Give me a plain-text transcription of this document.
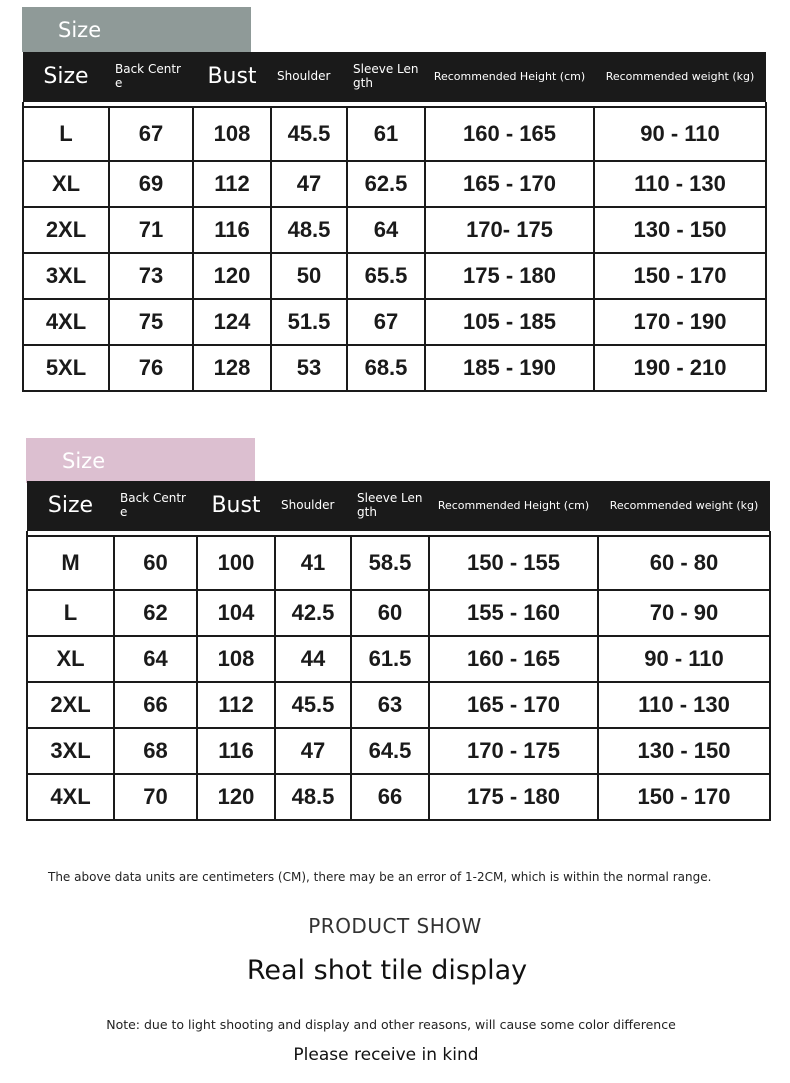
Size
Size	Back Centre	Bust	Shoulder	Sleeve Length	Recommended Height (cm)	Recommended weight (kg)

L	67	108	45.5	61	160 - 165	90 - 110
XL	69	112	47	62.5	165 - 170	110 - 130
2XL	71	116	48.5	64	170- 175	130 - 150
3XL	73	120	50	65.5	175 - 180	150 - 170
4XL	75	124	51.5	67	105 - 185	170 - 190
5XL	76	128	53	68.5	185 - 190	190 - 210
Size
Size	Back Centre	Bust	Shoulder	Sleeve Length	Recommended Height (cm)	Recommended weight (kg)

M	60	100	41	58.5	150 - 155	60 - 80
L	62	104	42.5	60	155 - 160	70 - 90
XL	64	108	44	61.5	160 - 165	90 - 110
2XL	66	112	45.5	63	165 - 170	110 - 130
3XL	68	116	47	64.5	170 - 175	130 - 150
4XL	70	120	48.5	66	175 - 180	150 - 170
The above data units are centimeters (CM), there may be an error of 1-2CM, which is within the normal range.
PRODUCT SHOW
Real shot tile display
Note: due to light shooting and display and other reasons, will cause some color difference
Please receive in kind
